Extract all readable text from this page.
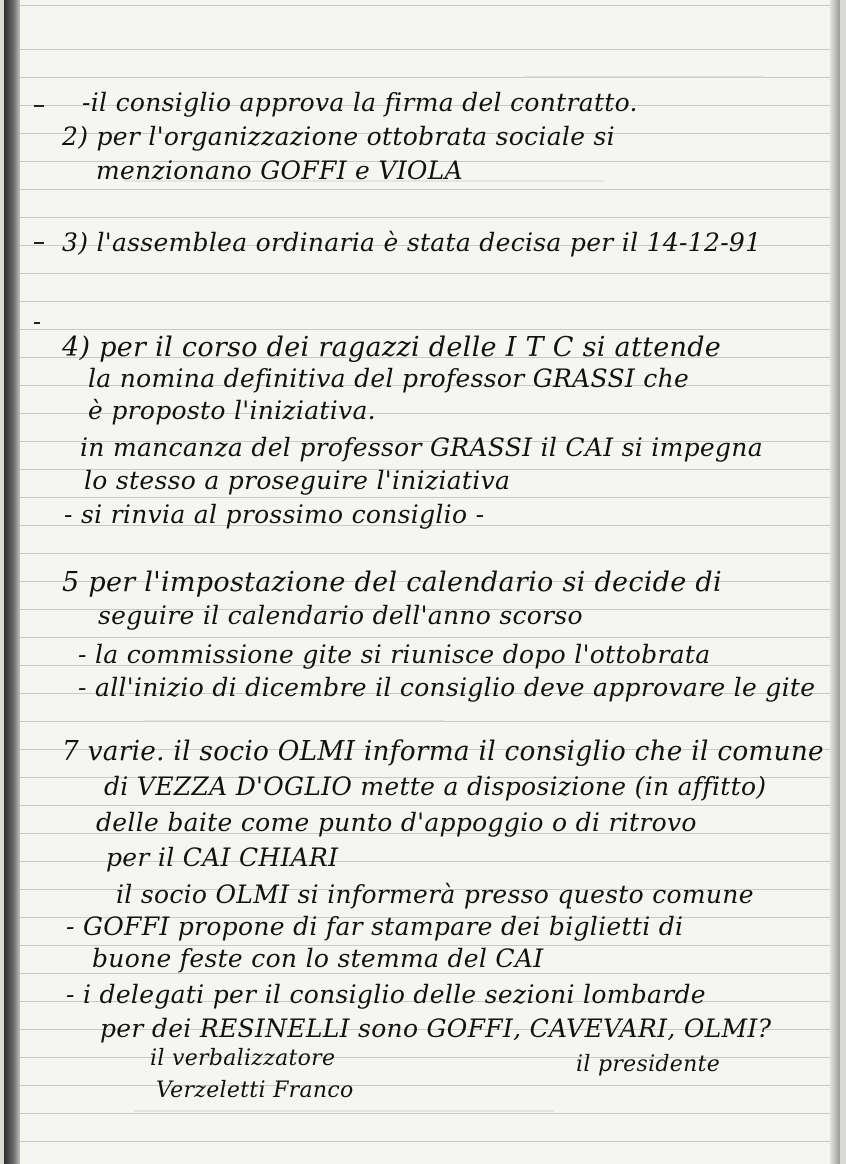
-il consiglio approva la firma del contratto.
2) per l'organizzazione ottobrata sociale si
menzionano GOFFI e VIOLA
3) l'assemblea ordinaria è stata decisa per il 14-12-91
4) per il corso dei ragazzi delle I T C si attende
la nomina definitiva del professor GRASSI che
è proposto l'iniziativa.
in mancanza del professor GRASSI il CAI si impegna
lo stesso a proseguire l'iniziativa
- si rinvia al prossimo consiglio -
5 per l'impostazione del calendario si decide di
seguire il calendario dell'anno scorso
- la commissione gite si riunisce dopo l'ottobrata
- all'inizio di dicembre il consiglio deve approvare le gite
7 varie. il socio OLMI informa il consiglio che il comune
di VEZZA D'OGLIO mette a disposizione (in affitto)
delle baite come punto d'appoggio o di ritrovo
per il CAI CHIARI
il socio OLMI si informerà presso questo comune
- GOFFI propone di far stampare dei biglietti di
buone feste con lo stemma del CAI
- i delegati per il consiglio delle sezioni lombarde
per dei RESINELLI sono GOFFI, CAVEVARI, OLMI?
il verbalizzatore	il presidente
Verzeletti Franco
